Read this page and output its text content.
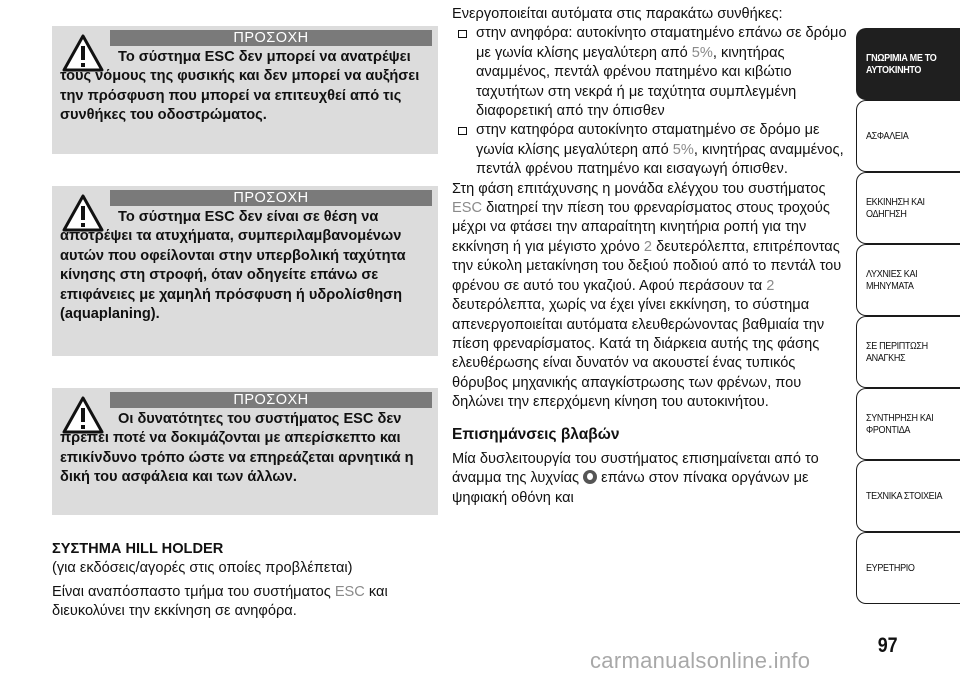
ΠΡΟΣΟΧΗ
Το σύστημα ESC δεν μπορεί να ανατρέψει τους νόμους της φυσικής και δεν μπορεί να αυξήσει την πρόσφυση που μπορεί να επιτευχθεί από τις συνθήκες του οδοστρώματος.
ΠΡΟΣΟΧΗ
Το σύστημα ESC δεν είναι σε θέση να αποτρέψει τα ατυχήματα, συμπεριλαμβανομένων αυτών που οφείλονται στην υπερβολική ταχύτητα κίνησης στη στροφή, όταν οδηγείτε επάνω σε επιφάνειες με χαμηλή πρόσφυση ή υδρολίσθηση (aquaplaning).
ΠΡΟΣΟΧΗ
Οι δυνατότητες του συστήματος ESC δεν πρέπει ποτέ να δοκιμάζονται με απερίσκεπτο και επικίνδυνο τρόπο ώστε να επηρεάζεται αρνητικά η δική του ασφάλεια και των άλλων.
ΣΥΣΤΗΜΑ HILL HOLDER
(για εκδόσεις/αγορές στις οποίες προβλέπεται)
Είναι αναπόσπαστο τμήμα του συστήματος ESC και διευκολύνει την εκκίνηση σε ανηφόρα.

Ενεργοποιείται αυτόματα στις παρακάτω συνθήκες:

στην ανηφόρα: αυτοκίνητο σταματημένο επάνω σε δρόμο με γωνία κλίσης μεγαλύτερη από 5%, κινητήρας αναμμένος, πεντάλ φρένου πατημένο και κιβώτιο ταχυτήτων στη νεκρά ή με ταχύτητα συμπλεγμένη διαφορετική από την όπισθεν

στην κατηφόρα αυτοκίνητο σταματημένο σε δρόμο με γωνία κλίσης μεγαλύτερη από 5%, κινητήρας αναμμένος, πεντάλ φρένου πατημένο και εισαγωγή όπισθεν.

Στη φάση επιτάχυνσης η μονάδα ελέγχου του συστήματος ESC διατηρεί την πίεση του φρεναρίσματος στους τροχούς μέχρι να φτάσει την απαραίτητη κινητήρια ροπή για την εκκίνηση ή για μέγιστο χρόνο 2 δευτερόλεπτα, επιτρέποντας την εύκολη μετακίνηση του δεξιού ποδιού από το πεντάλ του φρένου σε αυτό του γκαζιού. Αφού περάσουν τα 2 δευτερόλεπτα, χωρίς να έχει γίνει εκκίνηση, το σύστημα απενεργοποιείται αυτόματα ελευθερώνοντας βαθμιαία την πίεση φρεναρίσματος. Κατά τη διάρκεια αυτής της φάσης ελευθέρωσης είναι δυνατόν να ακουστεί ένας τυπικός θόρυβος μηχανικής απαγκίστρωσης των φρένων, που δηλώνει την επερχόμενη κίνηση του αυτοκινήτου.

Επισημάνσεις βλαβών

Μία δυσλειτουργία του συστήματος επισημαίνεται από το άναμμα της λυχνίας επάνω στον πίνακα οργάνων με ψηφιακή οθόνη και

ΓΝΩΡΙΜΙΑ ΜΕ ΤΟ
ΑΥΤΟΚΙΝΗΤΟ
ΑΣΦΑΛΕΙΑ
ΕΚΚΙΝΗΣΗ ΚΑΙ
ΟΔΗΓΗΣΗ
ΛΥΧΝΙΕΣ ΚΑΙ
ΜΗΝΥΜΑΤΑ
ΣΕ ΠΕΡΙΠΤΩΣΗ
ΑΝΑΓΚΗΣ
ΣΥΝΤΗΡΗΣΗ ΚΑΙ
ΦΡΟΝΤΙΔΑ
ΤΕΧΝΙΚΑ ΣΤΟΙΧΕΙΑ
ΕΥΡΕΤΗΡΙΟ
97
carmanualsonline.info
